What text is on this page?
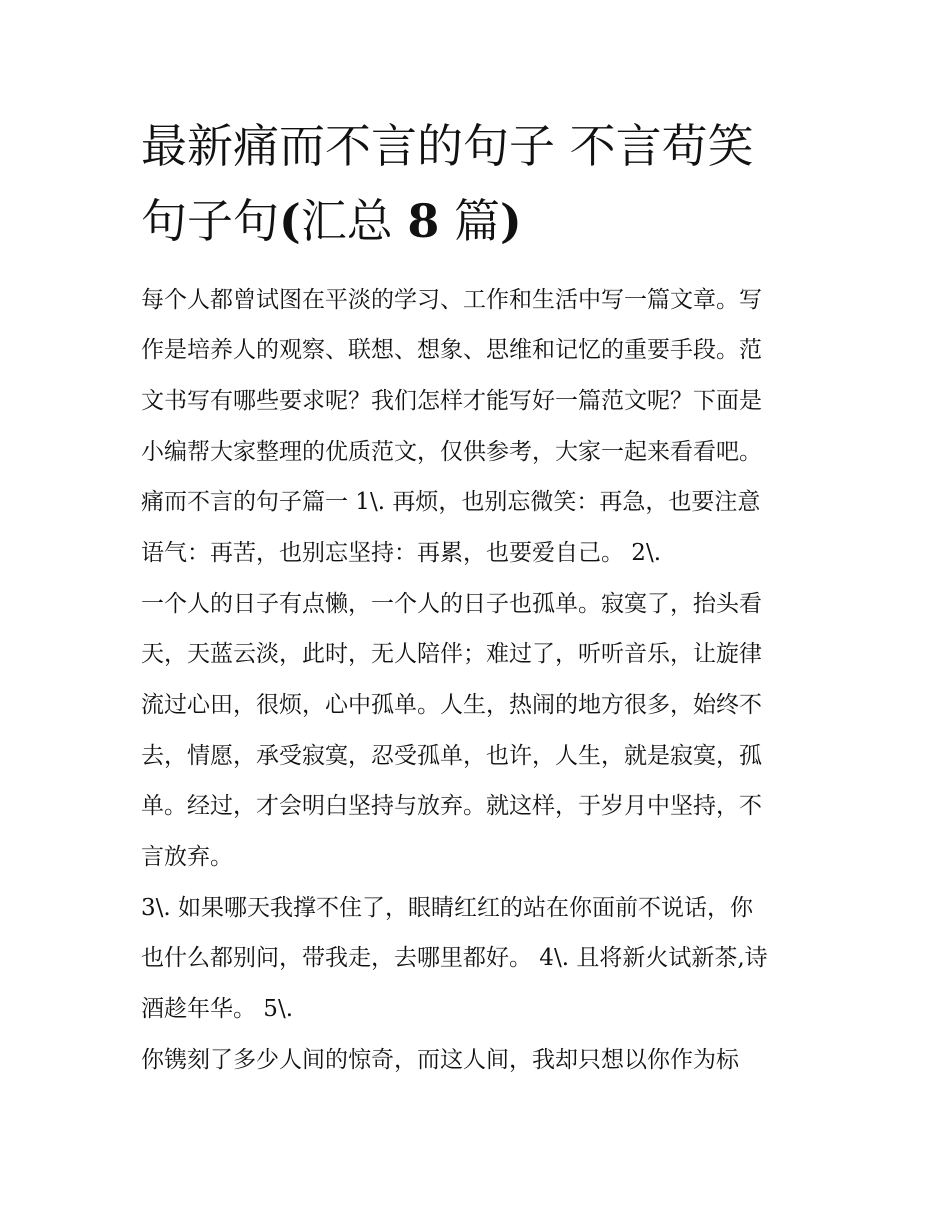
最新痛而不言的句子 不言苟笑
句子句(汇总 8 篇)
每个人都曾试图在平淡的学习、工作和生活中写一篇文章。写
作是培养人的观察、联想、想象、思维和记忆的重要手段。范
文书写有哪些要求呢？我们怎样才能写好一篇范文呢？下面是
小编帮大家整理的优质范文，仅供参考，大家一起来看看吧。
痛而不言的句子篇一 1\. 再烦，也别忘微笑：再急，也要注意
语气：再苦，也别忘坚持：再累，也要爱自己。 2\.
一个人的日子有点懒，一个人的日子也孤单。寂寞了，抬头看
天，天蓝云淡，此时，无人陪伴；难过了，听听音乐，让旋律
流过心田，很烦，心中孤单。人生，热闹的地方很多，始终不
去，情愿，承受寂寞，忍受孤单，也许，人生，就是寂寞，孤
单。经过，才会明白坚持与放弃。就这样，于岁月中坚持，不
言放弃。
3\. 如果哪天我撑不住了，眼睛红红的站在你面前不说话，你
也什么都别问，带我走，去哪里都好。 4\. 且将新火试新茶,诗
酒趁年华。 5\.
你镌刻了多少人间的惊奇，而这人间，我却只想以你作为标
